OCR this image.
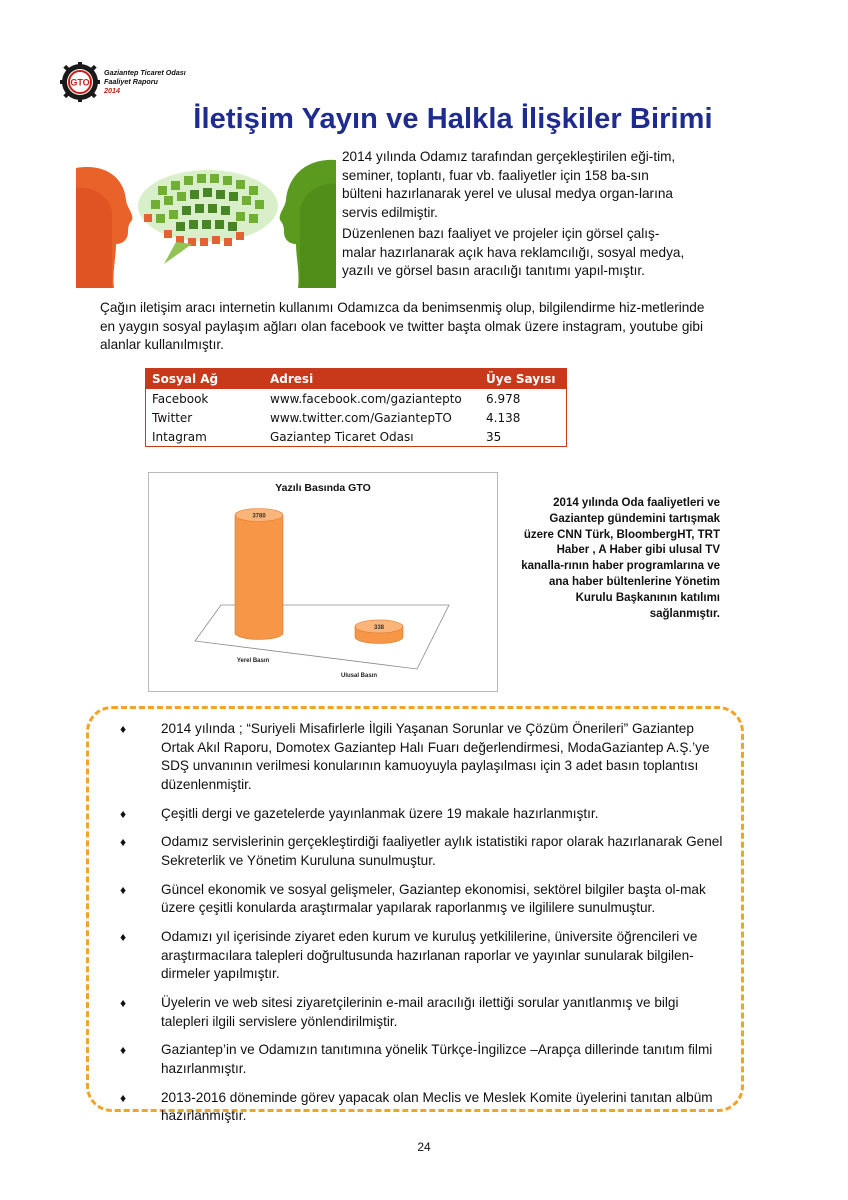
GTO
Gaziantep Ticaret Odası
Faaliyet Raporu
2014
İletişim Yayın ve Halkla İlişkiler Birimi
2014 yılında Odamız tarafından gerçekleştirilen eği-tim, seminer, toplantı, fuar vb. faaliyetler için 158 ba-sın bülteni hazırlanarak yerel ve ulusal medya organ-larına servis edilmiştir.
Düzenlenen bazı faaliyet ve projeler için görsel çalış-malar hazırlanarak açık hava reklamcılığı, sosyal medya, yazılı ve görsel basın aracılığı tanıtımı yapıl-mıştır.
Çağın iletişim aracı internetin kullanımı Odamızca da benimsenmiş olup, bilgilendirme hiz-metlerinde en yaygın sosyal paylaşım ağları olan facebook ve twitter başta olmak üzere instagram, youtube gibi alanlar kullanılmıştır.
Sosyal Ağ	Adresi	Üye Sayısı
Facebook	www.facebook.com/gaziantepto	6.978
Twitter	www.twitter.com/GaziantepTO	4.138
Intagram	Gaziantep Ticaret Odası	35
Yazılı Basında GTO
3780
338
Yerel Basın
Ulusal Basın
2014 yılında Oda faaliyetleri ve Gaziantep gündemini tartışmak üzere CNN Türk, BloombergHT, TRT Haber , A Haber gibi ulusal TV kanalla-rının haber programlarına ve ana haber bültenlerine Yönetim Kurulu Başkanının katılımı sağlanmıştır.
♦	2014 yılında ; “Suriyeli Misafirlerle İlgili Yaşanan Sorunlar ve Çözüm Önerileri” Gaziantep Ortak Akıl Raporu, Domotex Gaziantep Halı Fuarı değerlendirmesi, ModaGaziantep A.Ş.’ye SDŞ unvanının verilmesi konularının kamuoyuyla paylaşılması için 3 adet basın toplantısı düzenlenmiştir.
♦	Çeşitli dergi ve gazetelerde yayınlanmak üzere 19 makale hazırlanmıştır.
♦	Odamız servislerinin gerçekleştirdiği faaliyetler aylık istatistiki rapor olarak hazırlanarak Genel Sekreterlik ve Yönetim Kuruluna sunulmuştur.
♦	Güncel ekonomik ve sosyal gelişmeler, Gaziantep ekonomisi, sektörel bilgiler başta ol-mak üzere çeşitli konularda araştırmalar yapılarak raporlanmış ve ilgililere sunulmuştur.
♦	Odamızı yıl içerisinde ziyaret eden kurum ve kuruluş yetkililerine, üniversite öğrencileri ve araştırmacılara talepleri doğrultusunda hazırlanan raporlar ve yayınlar sunularak bilgilen-dirmeler yapılmıştır.
♦	Üyelerin ve web sitesi ziyaretçilerinin e-mail aracılığı ilettiği sorular yanıtlanmış ve bilgi talepleri ilgili servislere yönlendirilmiştir.
♦	Gaziantep’in ve Odamızın tanıtımına yönelik Türkçe-İngilizce –Arapça dillerinde tanıtım filmi hazırlanmıştır.
♦	2013-2016 döneminde görev yapacak olan Meclis ve Meslek Komite üyelerini tanıtan albüm hazırlanmıştır.
24
